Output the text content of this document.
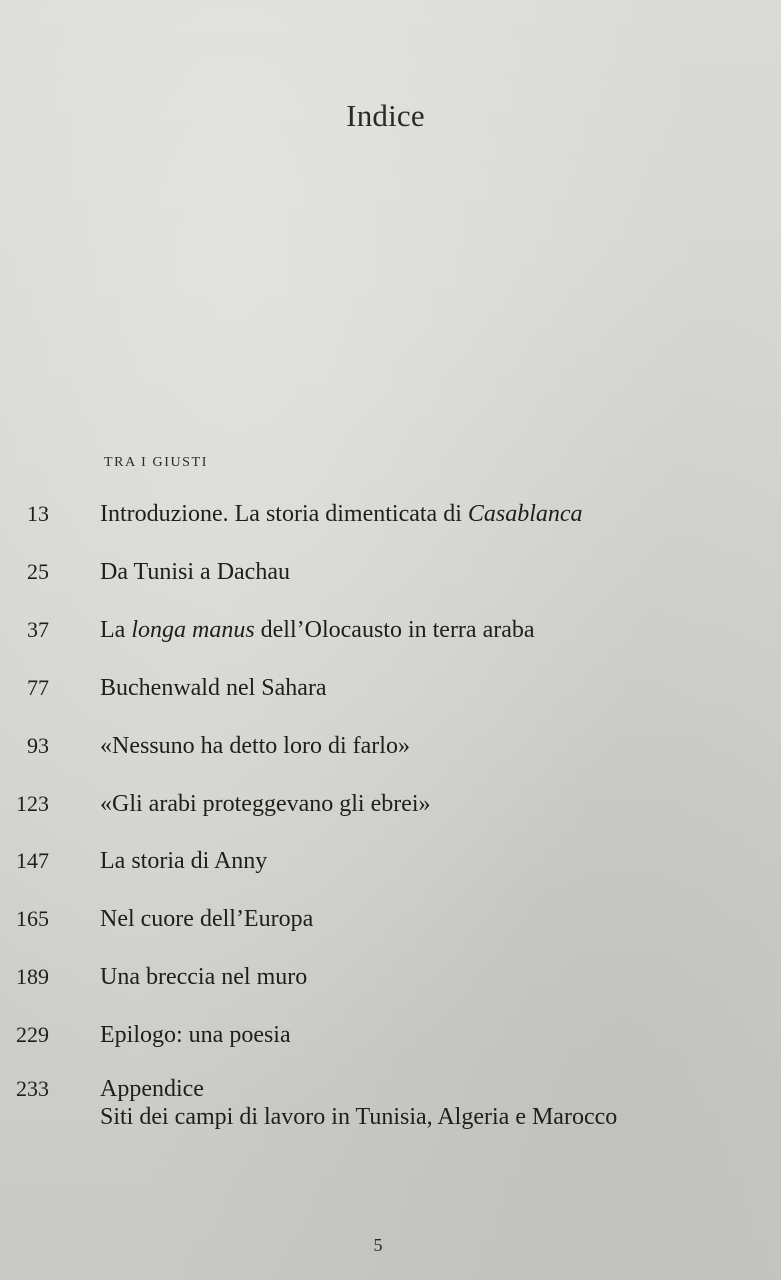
Indice
TRA I GIUSTI
13 Introduzione. La storia dimenticata di Casablanca
25 Da Tunisi a Dachau
37 La longa manus dell’Olocausto in terra araba
77 Buchenwald nel Sahara
93 «Nessuno ha detto loro di farlo»
123 «Gli arabi proteggevano gli ebrei»
147 La storia di Anny
165 Nel cuore dell’Europa
189 Una breccia nel muro
229 Epilogo: una poesia
233 Appendice
Siti dei campi di lavoro in Tunisia, Algeria e Marocco
5
